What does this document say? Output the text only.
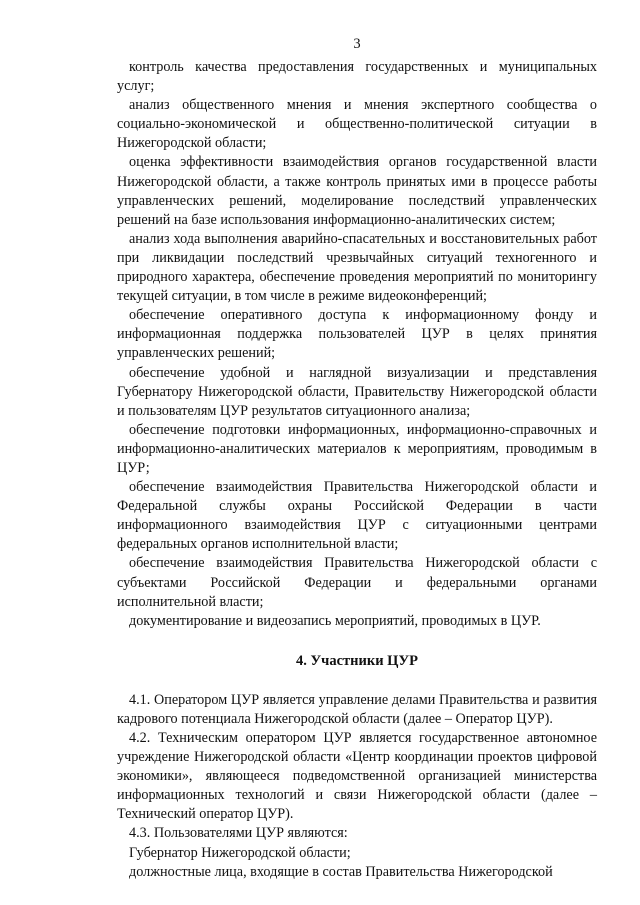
3

контроль качества предоставления государственных и муниципальных услуг;

анализ общественного мнения и мнения экспертного сообщества о социально-экономической и общественно-политической ситуации в Нижегородской области;

оценка эффективности взаимодействия органов государственной власти Нижегородской области, а также контроль принятых ими в процессе работы управленческих решений, моделирование последствий управленческих решений на базе использования информационно-аналитических систем;

анализ хода выполнения аварийно-спасательных и восстановительных работ при ликвидации последствий чрезвычайных ситуаций техногенного и природного характера, обеспечение проведения мероприятий по мониторингу текущей ситуации, в том числе в режиме видеоконференций;

обеспечение оперативного доступа к информационному фонду и информационная поддержка пользователей ЦУР в целях принятия управленческих решений;

обеспечение удобной и наглядной визуализации и представления Губернатору Нижегородской области, Правительству Нижегородской области и пользователям ЦУР результатов ситуационного анализа;

обеспечение подготовки информационных, информационно-справочных и информационно-аналитических материалов к мероприятиям, проводимым в ЦУР;

обеспечение взаимодействия Правительства Нижегородской области и Федеральной службы охраны Российской Федерации в части информационного взаимодействия ЦУР с ситуационными центрами федеральных органов исполнительной власти;

обеспечение взаимодействия Правительства Нижегородской области с субъектами Российской Федерации и федеральными органами исполнительной власти;

документирование и видеозапись мероприятий, проводимых в ЦУР.

4. Участники ЦУР

4.1. Оператором ЦУР является управление делами Правительства и развития кадрового потенциала Нижегородской области (далее – Оператор ЦУР).

4.2. Техническим оператором ЦУР является государственное автономное учреждение Нижегородской области «Центр координации проектов цифровой экономики», являющееся подведомственной организацией министерства информационных технологий и связи Нижегородской области (далее – Технический оператор ЦУР).

4.3. Пользователями ЦУР являются:

Губернатор Нижегородской области;

должностные лица, входящие в состав Правительства Нижегородской
